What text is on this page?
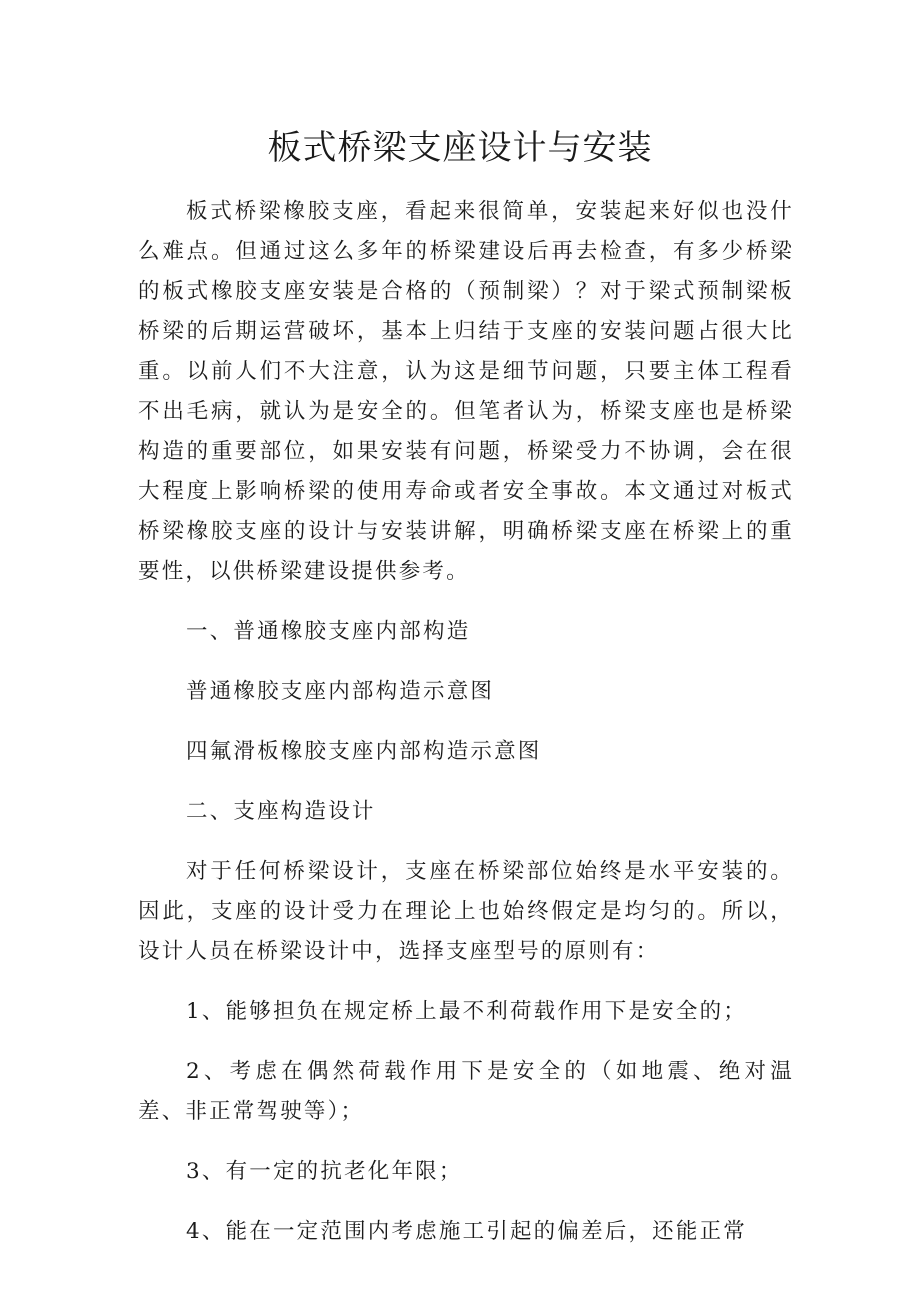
板式桥梁支座设计与安装

板式桥梁橡胶支座，看起来很简单，安装起来好似也没什么难点。但通过这么多年的桥梁建设后再去检查，有多少桥梁的板式橡胶支座安装是合格的（预制梁）？对于梁式预制梁板桥梁的后期运营破坏，基本上归结于支座的安装问题占很大比重。以前人们不大注意，认为这是细节问题，只要主体工程看不出毛病，就认为是安全的。但笔者认为，桥梁支座也是桥梁构造的重要部位，如果安装有问题，桥梁受力不协调，会在很大程度上影响桥梁的使用寿命或者安全事故。本文通过对板式桥梁橡胶支座的设计与安装讲解，明确桥梁支座在桥梁上的重要性，以供桥梁建设提供参考。

一、普通橡胶支座内部构造

普通橡胶支座内部构造示意图

四氟滑板橡胶支座内部构造示意图

二、支座构造设计

对于任何桥梁设计，支座在桥梁部位始终是水平安装的。因此，支座的设计受力在理论上也始终假定是均匀的。所以，设计人员在桥梁设计中，选择支座型号的原则有：

1、能够担负在规定桥上最不利荷载作用下是安全的；

2、考虑在偶然荷载作用下是安全的（如地震、绝对温差、非正常驾驶等）；

3、有一定的抗老化年限；

4、能在一定范围内考虑施工引起的偏差后，还能正常
